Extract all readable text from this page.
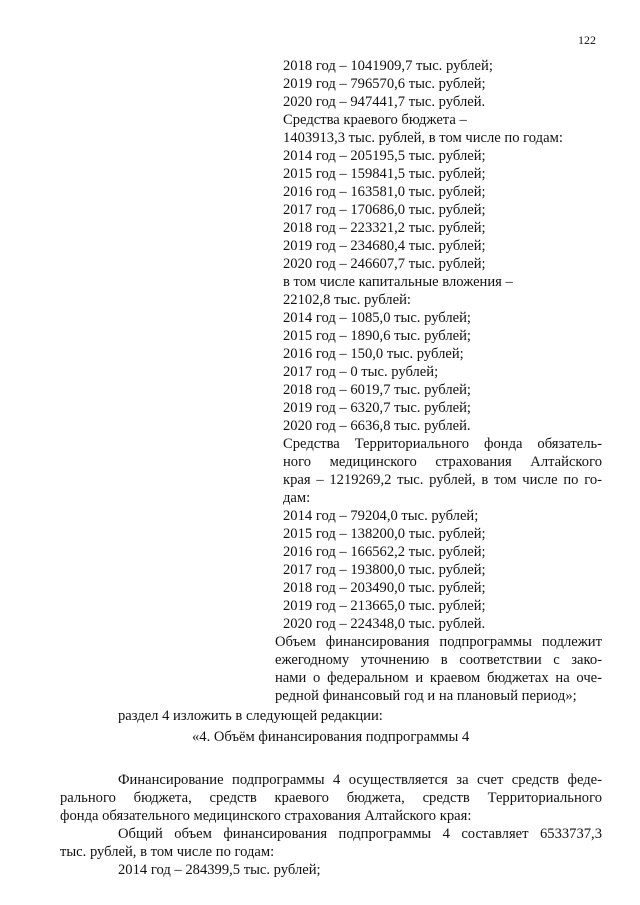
122

2018 год – 1041909,7 тыс. рублей;

2019 год – 796570,6 тыс. рублей;

2020 год – 947441,7 тыс. рублей.

Средства краевого бюджета –

1403913,3 тыс. рублей, в том числе по годам:

2014 год – 205195,5 тыс. рублей;

2015 год – 159841,5 тыс. рублей;

2016 год – 163581,0 тыс. рублей;

2017 год – 170686,0 тыс. рублей;

2018 год – 223321,2 тыс. рублей;

2019 год – 234680,4 тыс. рублей;

2020 год – 246607,7 тыс. рублей;

в том числе капитальные вложения –

22102,8 тыс. рублей:

2014 год – 1085,0 тыс. рублей;

2015 год – 1890,6 тыс. рублей;

2016 год – 150,0 тыс. рублей;

2017 год – 0 тыс. рублей;

2018 год – 6019,7 тыс. рублей;

2019 год – 6320,7 тыс. рублей;

2020 год – 6636,8 тыс. рублей.

Средства Территориального фонда обязатель-

ного медицинского страхования Алтайского

края – 1219269,2 тыс. рублей, в том числе по го-

дам:

2014 год – 79204,0 тыс. рублей;

2015 год – 138200,0 тыс. рублей;

2016 год – 166562,2 тыс. рублей;

2017 год – 193800,0 тыс. рублей;

2018 год – 203490,0 тыс. рублей;

2019 год – 213665,0 тыс. рублей;

2020 год – 224348,0 тыс. рублей.

Объем финансирования подпрограммы подлежит

ежегодному уточнению в соответствии с зако-

нами о федеральном и краевом бюджетах на оче-

редной финансовый год и на плановый период»;

раздел 4 изложить в следующей редакции:

«4. Объём финансирования подпрограммы 4

Финансирование подпрограммы 4 осуществляется за счет средств феде-

рального бюджета, средств краевого бюджета, средств Территориального

фонда обязательного медицинского страхования Алтайского края:

Общий объем финансирования подпрограммы 4 составляет 6533737,3

тыс. рублей, в том числе по годам:

2014 год – 284399,5 тыс. рублей;
